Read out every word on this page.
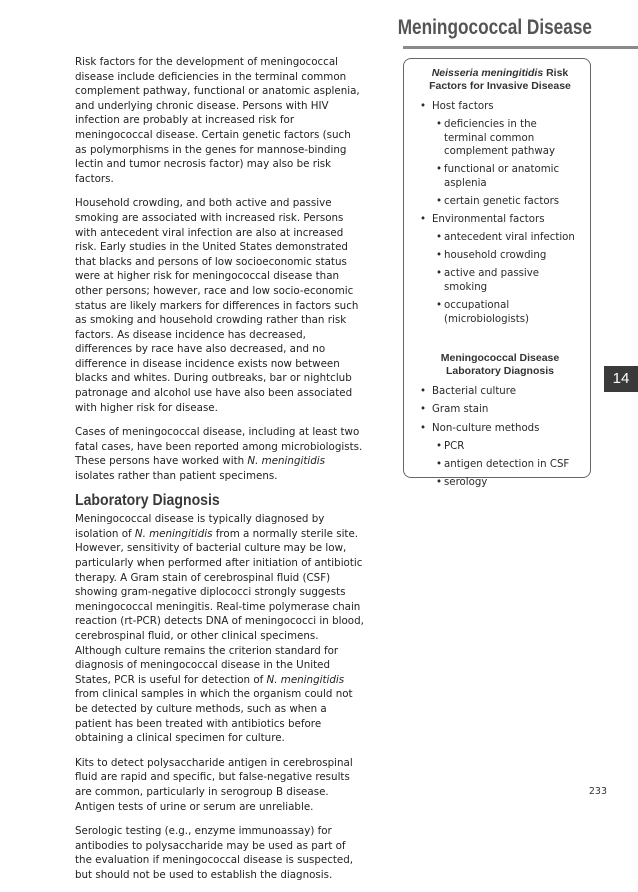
Meningococcal Disease

Risk factors for the development of meningococcal disease include deficiencies in the terminal common complement pathway, functional or anatomic asplenia, and underlying chronic disease. Persons with HIV infection are probably at increased risk for meningococcal disease. Certain genetic factors (such as polymorphisms in the genes for mannose-binding lectin and tumor necrosis factor) may also be risk factors.

Household crowding, and both active and passive smoking are associated with increased risk. Persons with antecedent viral infection are also at increased risk. Early studies in the United States demonstrated that blacks and persons of low socioeconomic status were at higher risk for meningococcal disease than other persons; however, race and low socio-economic status are likely markers for differences in factors such as smoking and household crowding rather than risk factors. As disease incidence has decreased, differences by race have also decreased, and no difference in disease incidence exists now between blacks and whites. During outbreaks, bar or nightclub patronage and alcohol use have also been associated with higher risk for disease.

Cases of meningococcal disease, including at least two fatal cases, have been reported among microbiologists. These persons have worked with N. meningitidis isolates rather than patient specimens.

Laboratory Diagnosis

Meningococcal disease is typically diagnosed by isolation of N. meningitidis from a normally sterile site. However, sensitivity of bacterial culture may be low, particularly when performed after initiation of antibiotic therapy. A Gram stain of cerebrospinal fluid (CSF) showing gram-negative diplococci strongly suggests meningococcal meningitis. Real-time polymerase chain reaction (rt-PCR) detects DNA of meningococci in blood, cerebrospinal fluid, or other clinical specimens. Although culture remains the criterion standard for diagnosis of meningococcal disease in the United States, PCR is useful for detection of N. meningitidis from clinical samples in which the organism could not be detected by culture methods, such as when a patient has been treated with antibiotics before obtaining a clinical specimen for culture.

Kits to detect polysaccharide antigen in cerebrospinal fluid are rapid and specific, but false-negative results are common, particularly in serogroup B disease. Antigen tests of urine or serum are unreliable.

Serologic testing (e.g., enzyme immunoassay) for antibodies to polysaccharide may be used as part of the evaluation if meningococcal disease is suspected, but should not be used to establish the diagnosis.

Neisseria meningitidis Risk
Factors for Invasive Disease
• Host factors
• deficiencies in the terminal common complement pathway
• functional or anatomic asplenia
• certain genetic factors
• Environmental factors
• antecedent viral infection
• household crowding
• active and passive smoking
• occupational (microbiologists)
Meningococcal Disease
Laboratory Diagnosis
• Bacterial culture
• Gram stain
• Non-culture methods
• PCR
• antigen detection in CSF
• serology
14
233
